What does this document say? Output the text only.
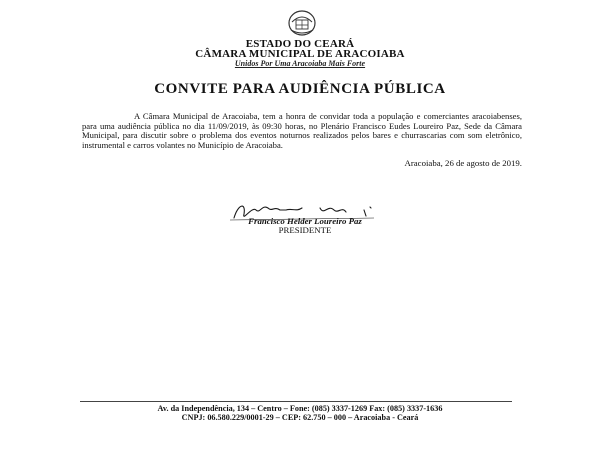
ESTADO DO CEARÁ
CÂMARA MUNICIPAL DE ARACOIABA
Unidos Por Uma Aracoiaba Mais Forte
CONVITE PARA AUDIÊNCIA PÚBLICA

A Câmara Municipal de Aracoiaba, tem a honra de convidar toda a população e comerciantes aracoiabenses, para uma audiência pública no dia 11/09/2019, às 09:30 horas, no Plenário Francisco Eudes Loureiro Paz, Sede da Câmara Municipal, para discutir sobre o problema dos eventos noturnos realizados pelos bares e churrascarias com som eletrônico, instrumental e carros volantes no Município de Aracoiaba.

Aracoiaba, 26 de agosto de 2019.
Francisco Helder Loureiro Paz
PRESIDENTE
Av. da Independência, 134 – Centro – Fone: (085) 3337-1269 Fax: (085) 3337-1636
CNPJ: 06.580.229/0001-29 – CEP: 62.750 – 000 – Aracoiaba - Ceará
